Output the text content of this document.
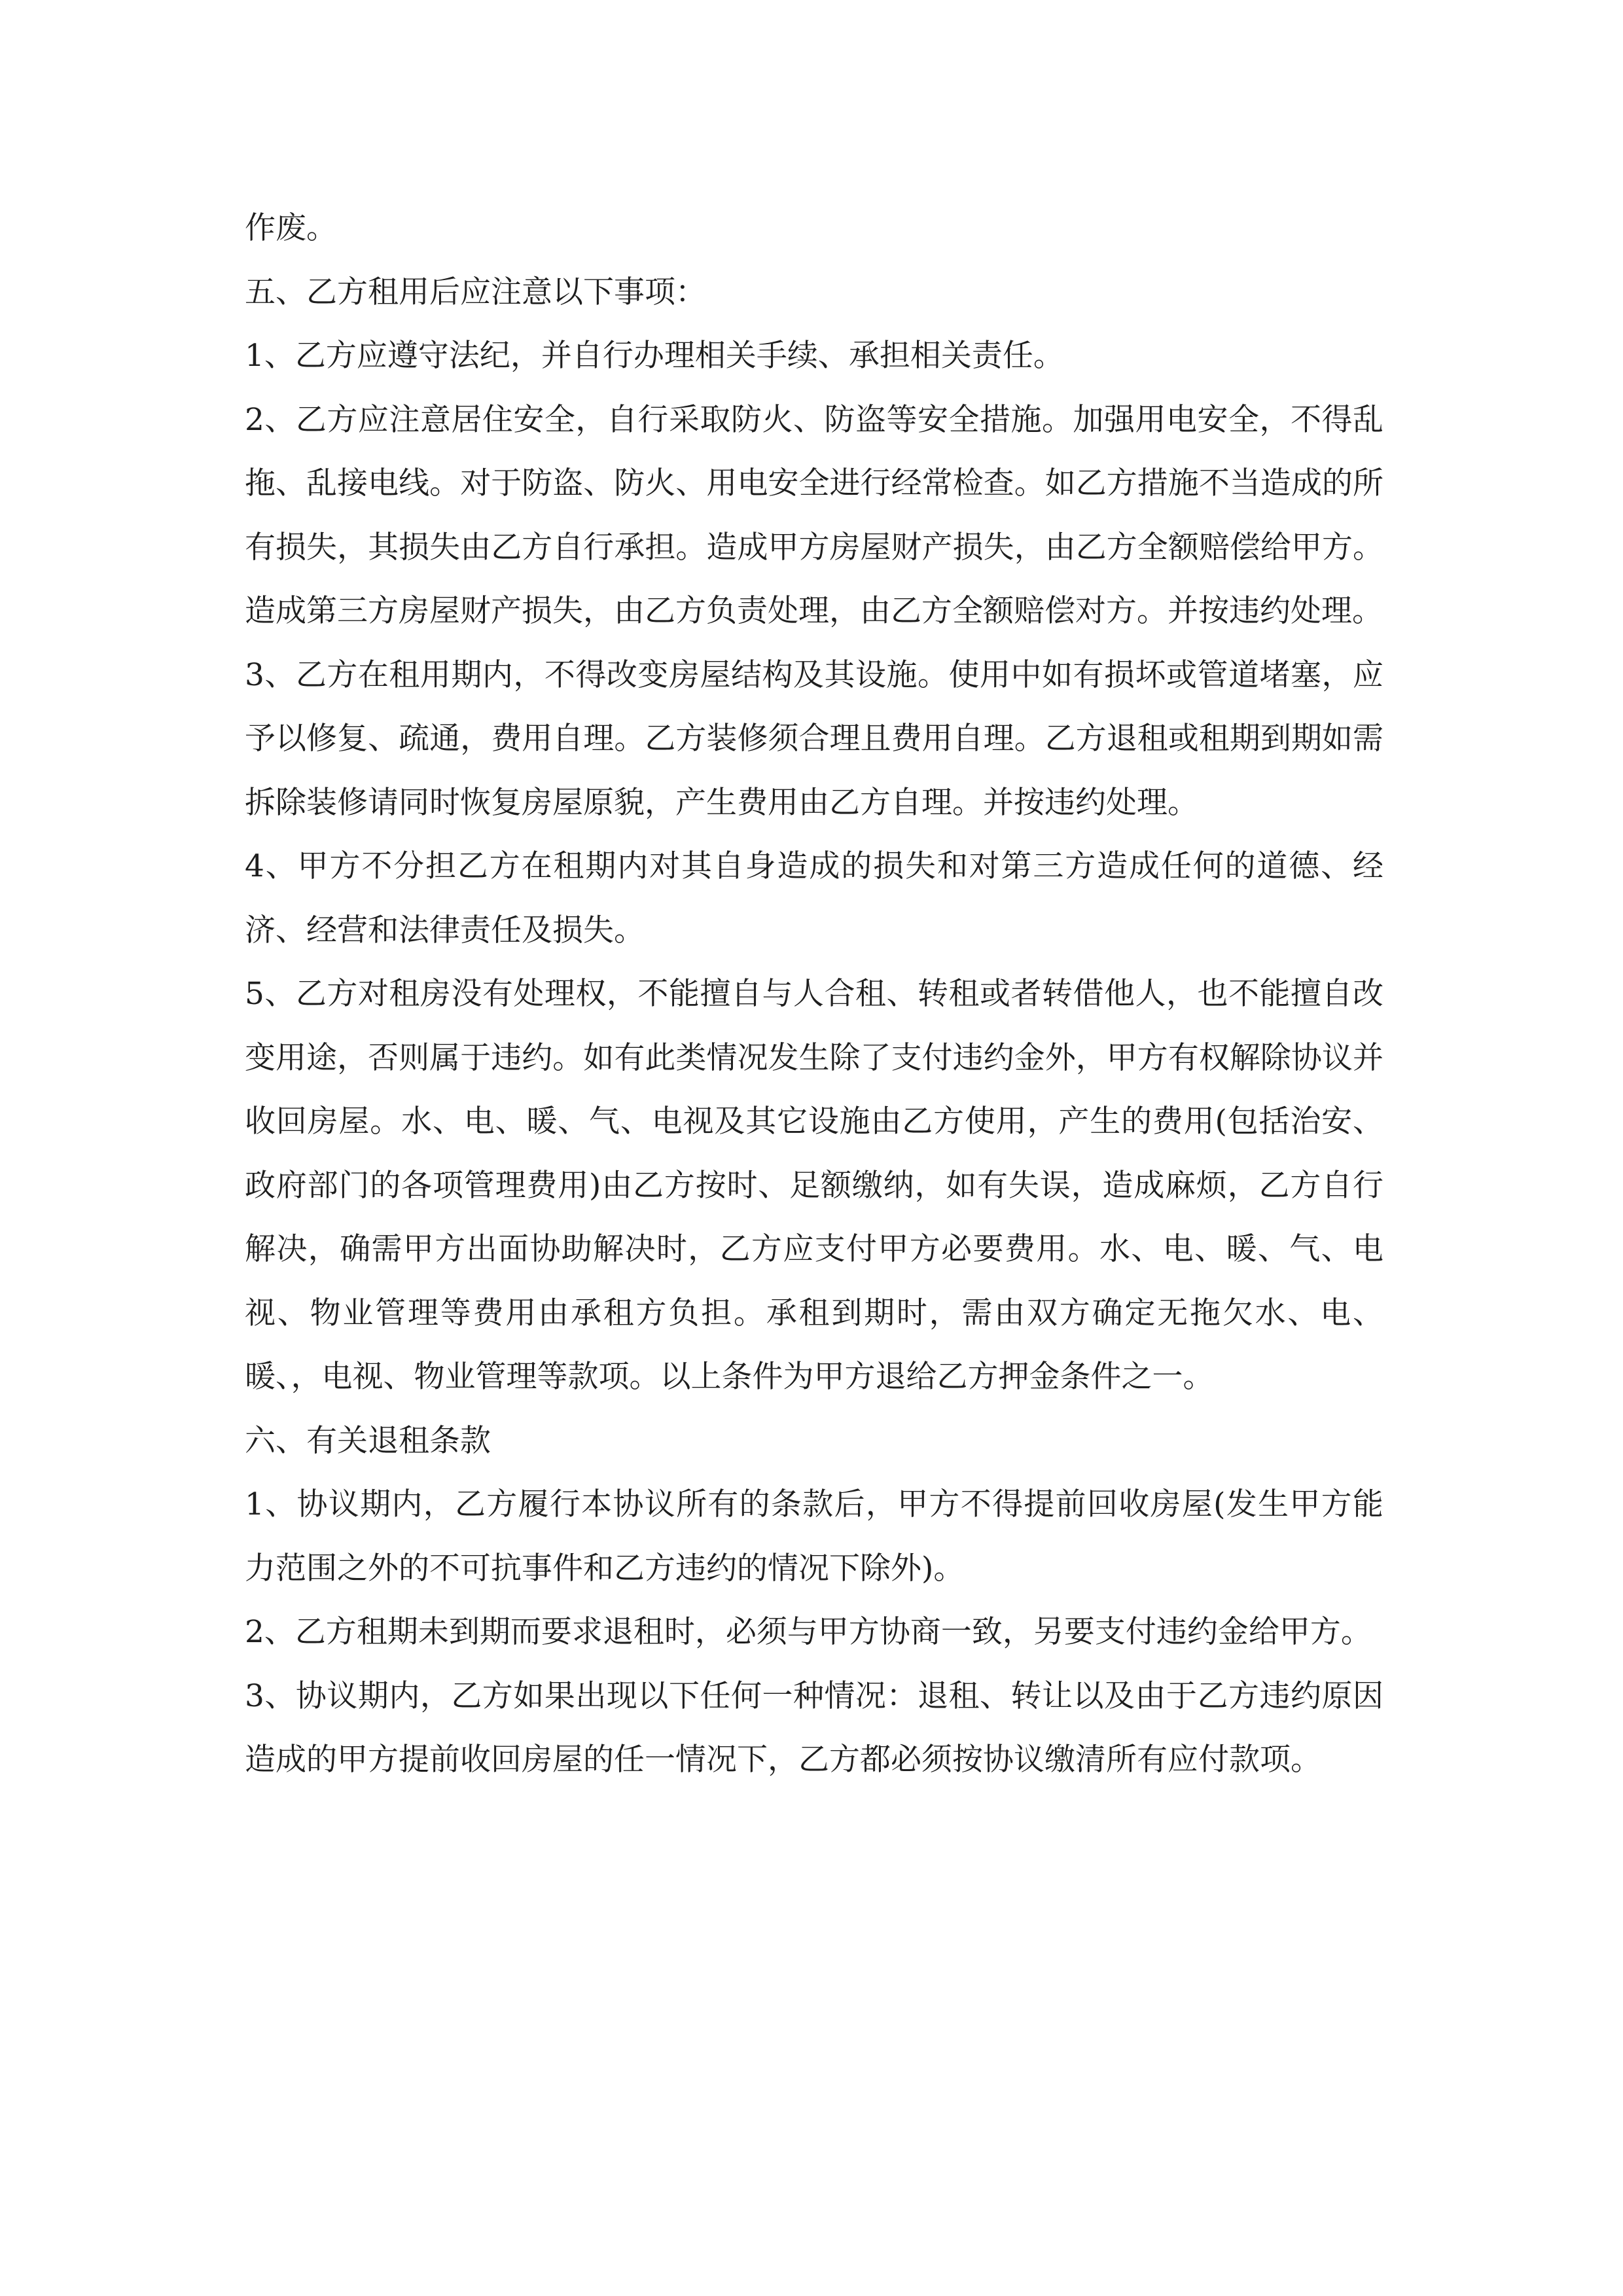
作废。

五、乙方租用后应注意以下事项：

1、乙方应遵守法纪，并自行办理相关手续、承担相关责任。

2、乙方应注意居住安全，自行采取防火、防盗等安全措施。加强用电安全，不得乱拖、乱接电线。对于防盗、防火、用电安全进行经常检查。如乙方措施不当造成的所有损失，其损失由乙方自行承担。造成甲方房屋财产损失，由乙方全额赔偿给甲方。造成第三方房屋财产损失，由乙方负责处理，由乙方全额赔偿对方。并按违约处理。

3、乙方在租用期内，不得改变房屋结构及其设施。使用中如有损坏或管道堵塞，应予以修复、疏通，费用自理。乙方装修须合理且费用自理。乙方退租或租期到期如需拆除装修请同时恢复房屋原貌，产生费用由乙方自理。并按违约处理。

4、甲方不分担乙方在租期内对其自身造成的损失和对第三方造成任何的道德、经济、经营和法律责任及损失。

5、乙方对租房没有处理权，不能擅自与人合租、转租或者转借他人，也不能擅自改变用途，否则属于违约。如有此类情况发生除了支付违约金外，甲方有权解除协议并收回房屋。水、电、暖、气、电视及其它设施由乙方使用，产生的费用(包括治安、政府部门的各项管理费用)由乙方按时、足额缴纳，如有失误，造成麻烦，乙方自行解决，确需甲方出面协助解决时，乙方应支付甲方必要费用。水、电、暖、气、电视、物业管理等费用由承租方负担。承租到期时，需由双方确定无拖欠水、电、暖、，电视、物业管理等款项。以上条件为甲方退给乙方押金条件之一。

六、有关退租条款

1、协议期内，乙方履行本协议所有的条款后，甲方不得提前回收房屋(发生甲方能力范围之外的不可抗事件和乙方违约的情况下除外)。

2、乙方租期未到期而要求退租时，必须与甲方协商一致，另要支付违约金给甲方。

3、协议期内，乙方如果出现以下任何一种情况：退租、转让以及由于乙方违约原因造成的甲方提前收回房屋的任一情况下，乙方都必须按协议缴清所有应付款项。
